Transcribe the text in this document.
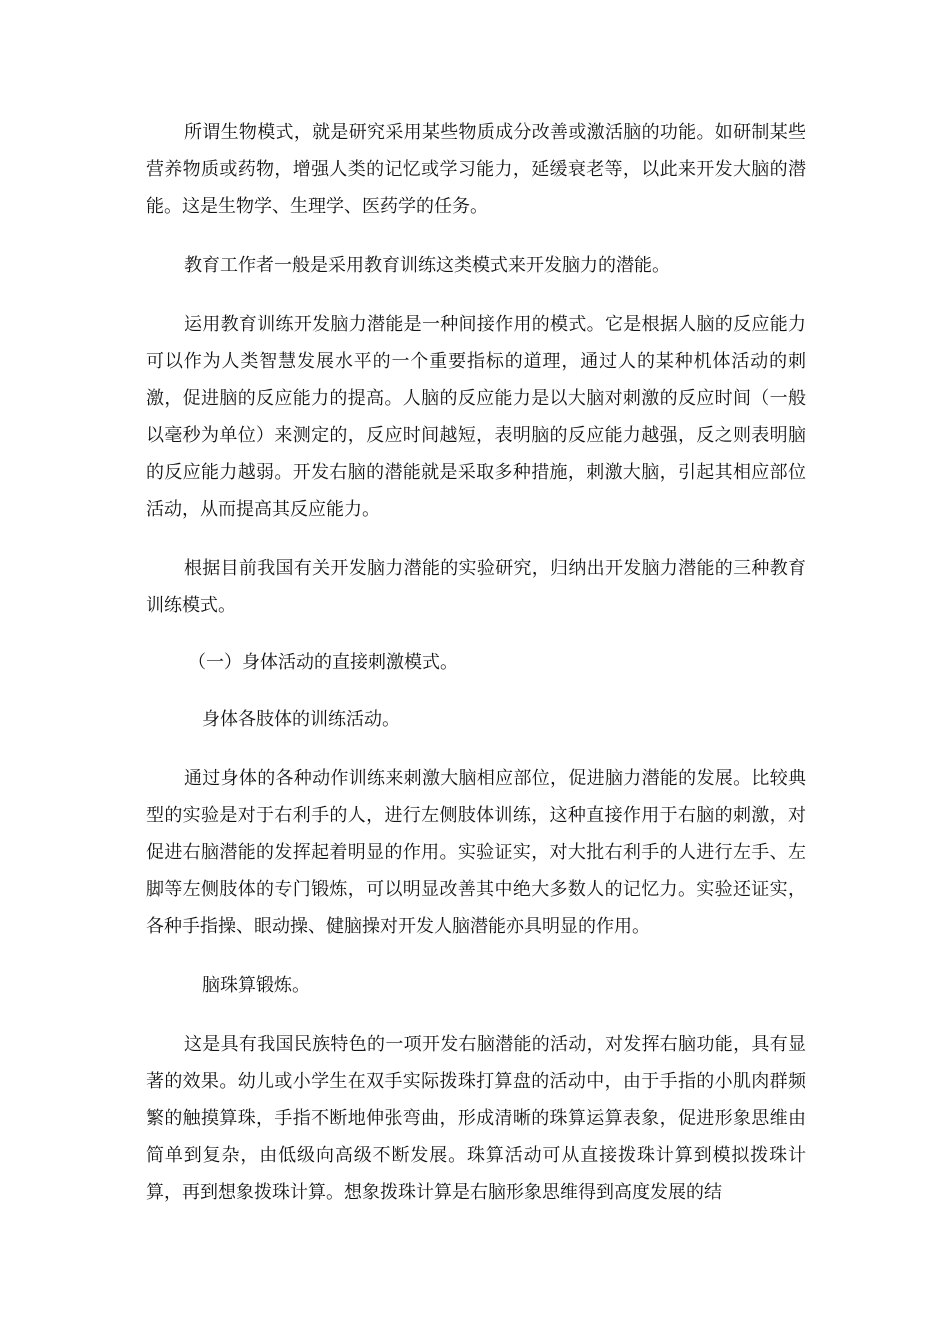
所谓生物模式，就是研究采用某些物质成分改善或激活脑的功能。如研制某些营养物质或药物，增强人类的记忆或学习能力，延缓衰老等，以此来开发大脑的潜能。这是生物学、生理学、医药学的任务。

教育工作者一般是采用教育训练这类模式来开发脑力的潜能。

运用教育训练开发脑力潜能是一种间接作用的模式。它是根据人脑的反应能力可以作为人类智慧发展水平的一个重要指标的道理，通过人的某种机体活动的刺激，促进脑的反应能力的提高。人脑的反应能力是以大脑对刺激的反应时间（一般以毫秒为单位）来测定的，反应时间越短，表明脑的反应能力越强，反之则表明脑的反应能力越弱。开发右脑的潜能就是采取多种措施，刺激大脑，引起其相应部位活动，从而提高其反应能力。

根据目前我国有关开发脑力潜能的实验研究，归纳出开发脑力潜能的三种教育训练模式。

（一）身体活动的直接刺激模式。

身体各肢体的训练活动。

通过身体的各种动作训练来刺激大脑相应部位，促进脑力潜能的发展。比较典型的实验是对于右利手的人，进行左侧肢体训练，这种直接作用于右脑的刺激，对促进右脑潜能的发挥起着明显的作用。实验证实，对大批右利手的人进行左手、左脚等左侧肢体的专门锻炼，可以明显改善其中绝大多数人的记忆力。实验还证实，各种手指操、眼动操、健脑操对开发人脑潜能亦具明显的作用。

脑珠算锻炼。

这是具有我国民族特色的一项开发右脑潜能的活动，对发挥右脑功能，具有显著的效果。幼儿或小学生在双手实际拨珠打算盘的活动中，由于手指的小肌肉群频繁的触摸算珠，手指不断地伸张弯曲，形成清晰的珠算运算表象，促进形象思维由简单到复杂，由低级向高级不断发展。珠算活动可从直接拨珠计算到模拟拨珠计算，再到想象拨珠计算。想象拨珠计算是右脑形象思维得到高度发展的结
